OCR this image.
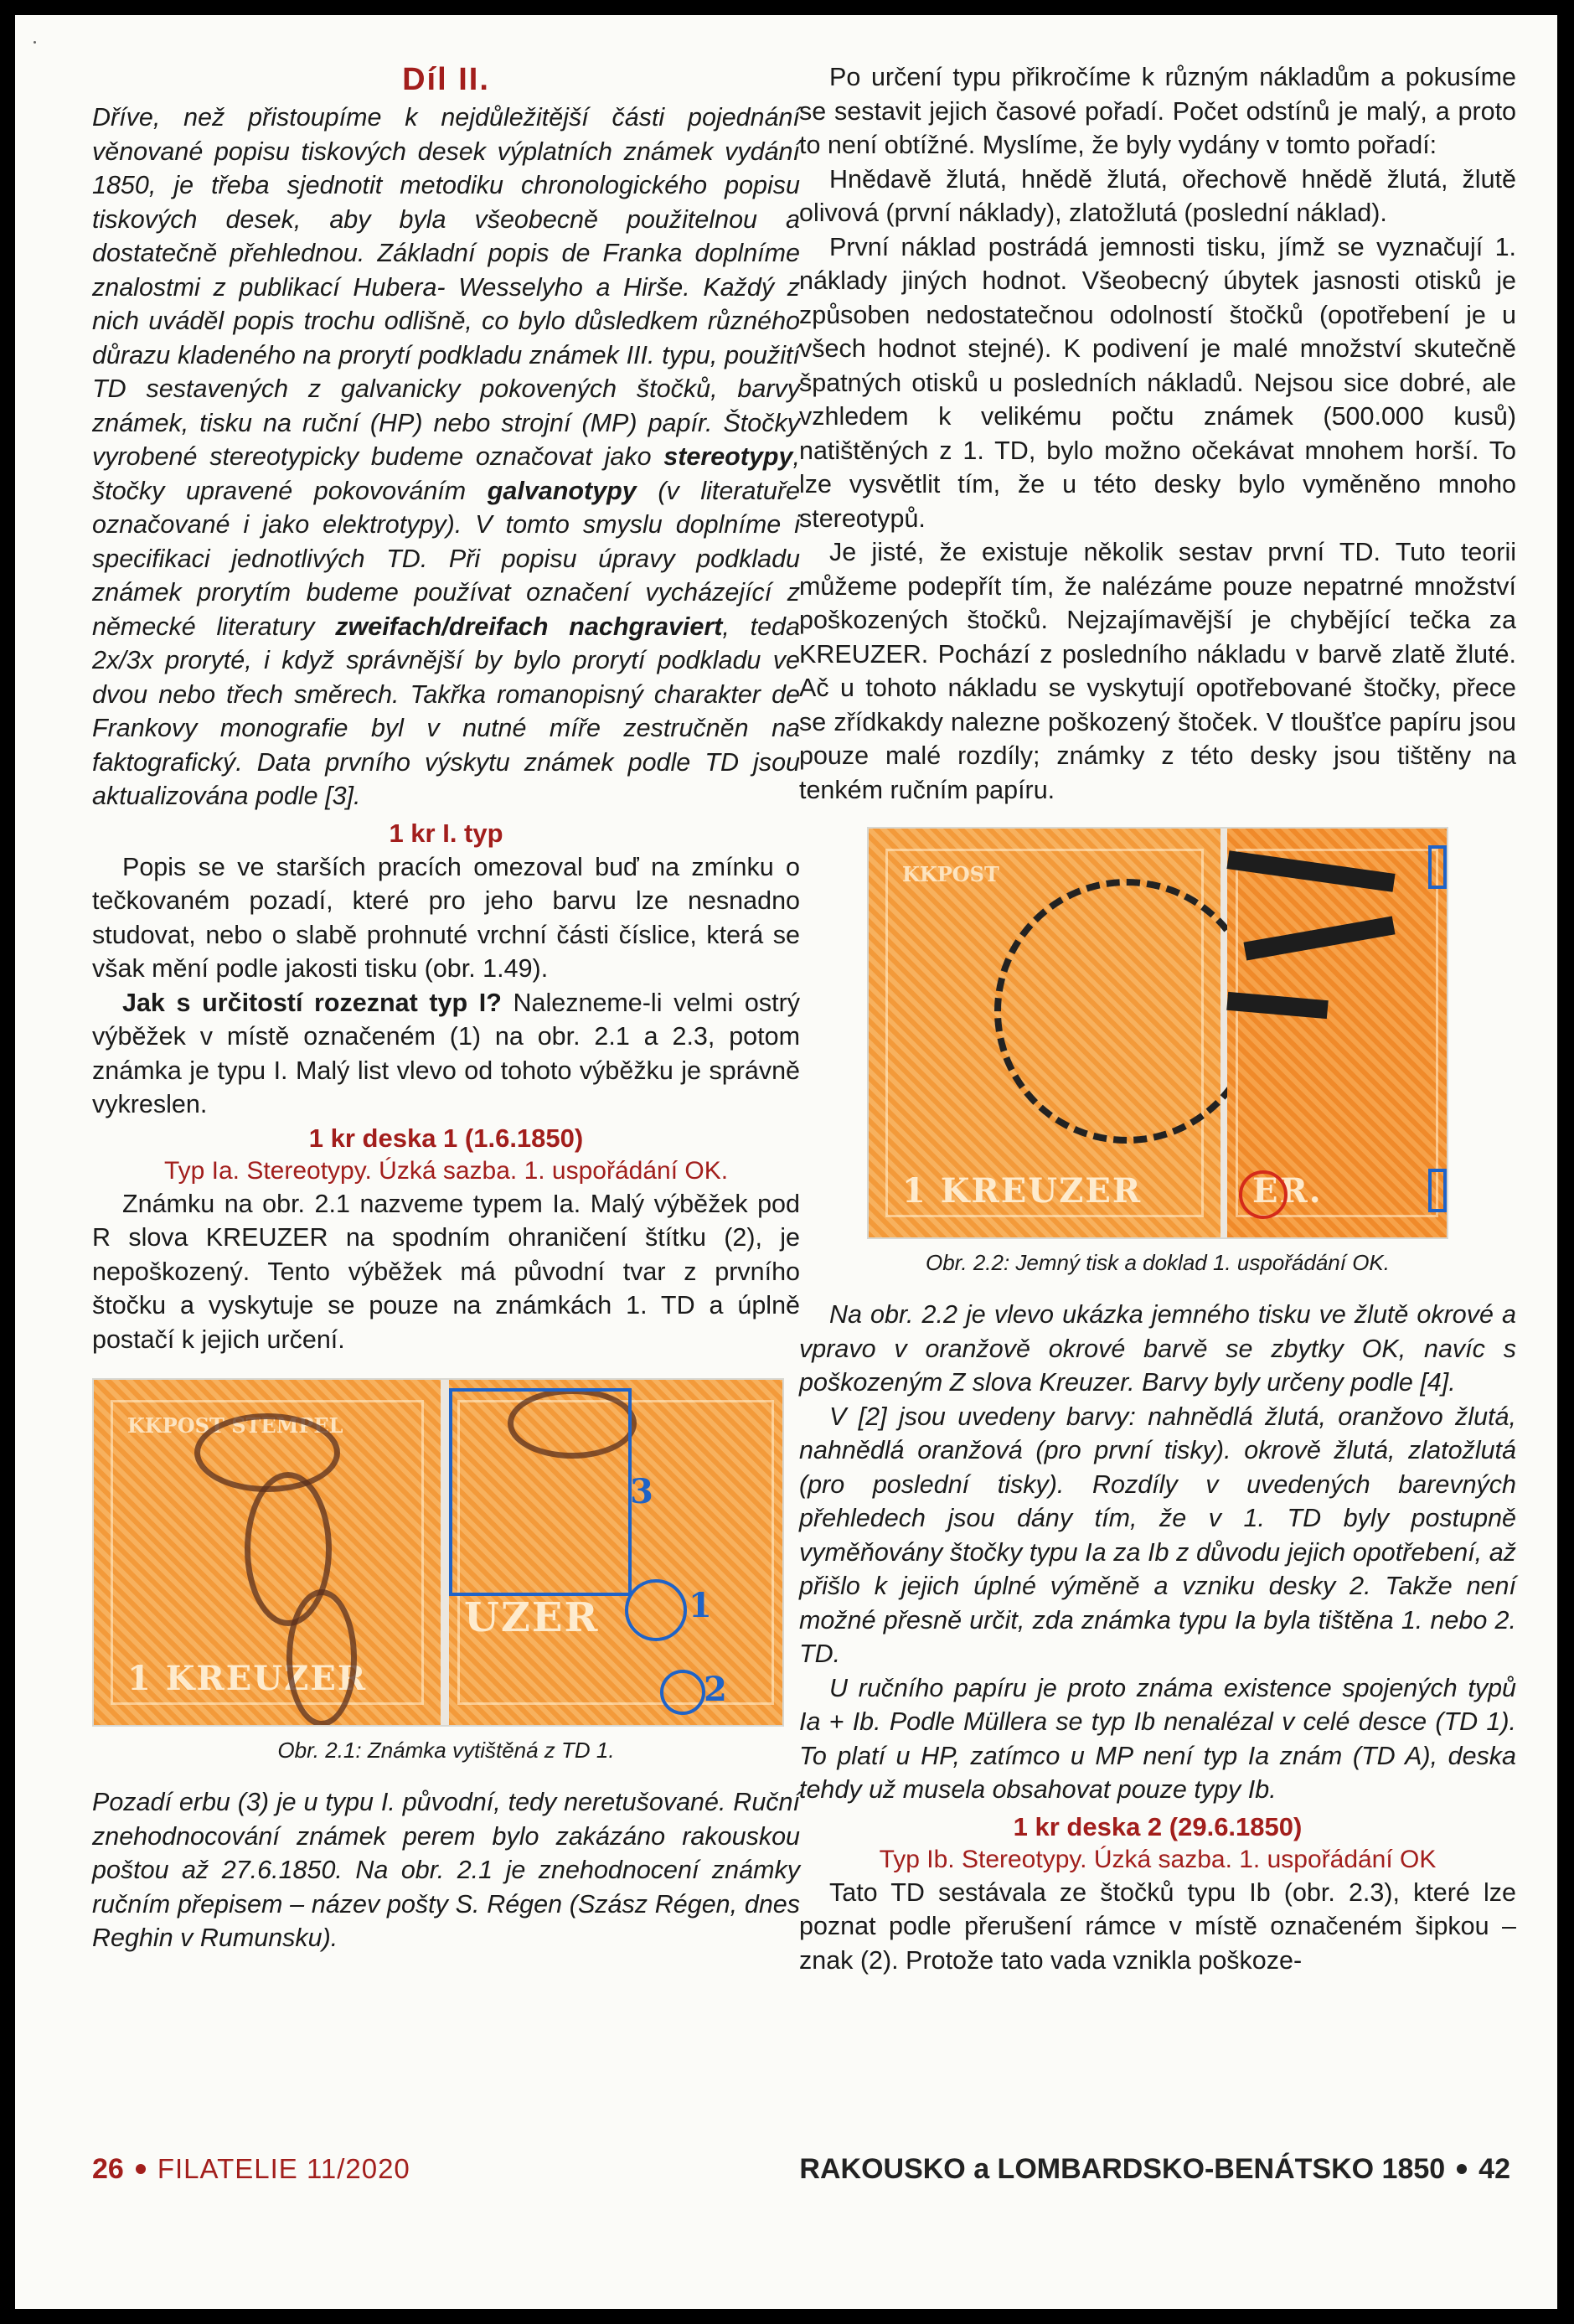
Díl II.

Dříve, než přistoupíme k nejdůležitější části pojednání věnované popisu tiskových desek výplatních známek vydání 1850, je třeba sjednotit metodiku chronologického popisu tiskových desek, aby byla všeobecně použitelnou a dostatečně přehlednou. Základní popis de Franka doplníme znalostmi z publikací Hubera- Wesselyho a Hirše. Každý z nich uváděl popis trochu odlišně, co bylo důsledkem různého důrazu kladeného na prorytí podkladu známek III. typu, použití TD sestavených z galvanicky pokovených štočků, barvy známek, tisku na ruční (HP) nebo strojní (MP) papír. Štočky vyrobené stereotypicky budeme označovat jako stereotypy, štočky upravené pokovováním galvanotypy (v literatuře označované i jako elektrotypy). V tomto smyslu doplníme i specifikaci jednotlivých TD. Při popisu úpravy podkladu známek prorytím budeme používat označení vycházející z německé literatury zweifach/dreifach nachgraviert, teda 2x/3x proryté, i když správnější by bylo prorytí podkladu ve dvou nebo třech směrech. Takřka romanopisný charakter de Frankovy monografie byl v nutné míře zestručněn na faktografický. Data prvního výskytu známek podle TD jsou aktualizována podle [3].

1 kr I. typ

Popis se ve starších pracích omezoval buď na zmínku o tečkovaném pozadí, které pro jeho barvu lze nesnadno studovat, nebo o slabě prohnuté vrchní části číslice, která se však mění podle jakosti tisku (obr. 1.49).

Jak s určitostí rozeznat typ I? Nalezneme-li velmi ostrý výběžek v místě označeném (1) na obr. 2.1 a 2.3, potom známka je typu I. Malý list vlevo od tohoto výběžku je správně vykreslen.

1 kr deska 1 (1.6.1850)
Typ Ia. Stereotypy. Úzká sazba. 1. uspořádání OK.

Známku na obr. 2.1 nazveme typem Ia. Malý výběžek pod R slova KREUZER na spodním ohraničení štítku (2), je nepoškozený. Tento výběžek má původní tvar z prvního štočku a vyskytuje se pouze na známkách 1. TD a úplně postačí k jejich určení.

KKPOST STEMPEL
1 KREUZER
UZER
3
1
2
Obr. 2.1: Známka vytištěná z TD 1.

Pozadí erbu (3) je u typu I. původní, tedy neretušované. Ruční znehodnocování známek perem bylo zakázáno rakouskou poštou až 27.6.1850. Na obr. 2.1 je znehodnocení známky ručním přepisem – název pošty S. Régen (Szász Régen, dnes Reghin v Rumunsku).

Po určení typu přikročíme k různým nákladům a pokusíme se sestavit jejich časové pořadí. Počet odstínů je malý, a proto to není obtížné. Myslíme, že byly vydány v tomto pořadí:

Hnědavě žlutá, hnědě žlutá, ořechově hnědě žlutá, žlutě olivová (první náklady), zlatožlutá (poslední náklad).

První náklad postrádá jemnosti tisku, jímž se vyznačují 1. náklady jiných hodnot. Všeobecný úbytek jasnosti otisků je způsoben nedostatečnou odolností štočků (opotřebení je u všech hodnot stejné). K podivení je malé množství skutečně špatných otisků u posledních nákladů. Nejsou sice dobré, ale vzhledem k velikému počtu známek (500.000 kusů) natištěných z 1. TD, bylo možno očekávat mnohem horší. To lze vysvětlit tím, že u této desky bylo vyměněno mnoho stereotypů.

Je jisté, že existuje několik sestav první TD. Tuto teorii můžeme podepřít tím, že nalézáme pouze nepatrné množství poškozených štočků. Nejzajímavější je chybějící tečka za KREUZER. Pochází z posledního nákladu v barvě zlatě žluté. Ač u tohoto nákladu se vyskytují opotřebované štočky, přece se zřídkakdy nalezne poškozený štoček. V tloušťce papíru jsou pouze malé rozdíly; známky z této desky jsou tištěny na tenkém ručním papíru.

KKPOST
1 KREUZER	ER.
Obr. 2.2: Jemný tisk a doklad 1. uspořádání OK.

Na obr. 2.2 je vlevo ukázka jemného tisku ve žlutě okrové a vpravo v oranžově okrové barvě se zbytky OK, navíc s poškozeným Z slova Kreuzer. Barvy byly určeny podle [4].

V [2] jsou uvedeny barvy: nahnědlá žlutá, oranžovo žlutá, nahnědlá oranžová (pro první tisky). okrově žlutá, zlatožlutá (pro poslední tisky). Rozdíly v uvedených barevných přehledech jsou dány tím, že v 1. TD byly postupně vyměňovány štočky typu Ia za Ib z důvodu jejich opotřebení, až přišlo k jejich úplné výměně a vzniku desky 2. Takže není možné přesně určit, zda známka typu Ia byla tištěna 1. nebo 2. TD.

U ručního papíru je proto známa existence spojených typů Ia + Ib. Podle Müllera se typ Ib nenalézal v celé desce (TD 1). To platí u HP, zatímco u MP není typ Ia znám (TD A), deska tehdy už musela obsahovat pouze typy Ib.

1 kr deska 2 (29.6.1850)
Typ Ib. Stereotypy. Úzká sazba. 1. uspořádání OK

Tato TD sestávala ze štočků typu Ib (obr. 2.3), které lze poznat podle přerušení rámce v místě označeném šipkou – znak (2). Protože tato vada vznikla poškoze-

26 FILATELIE 11/2020	RAKOUSKO a LOMBARDSKO-BENÁTSKO 1850 42
